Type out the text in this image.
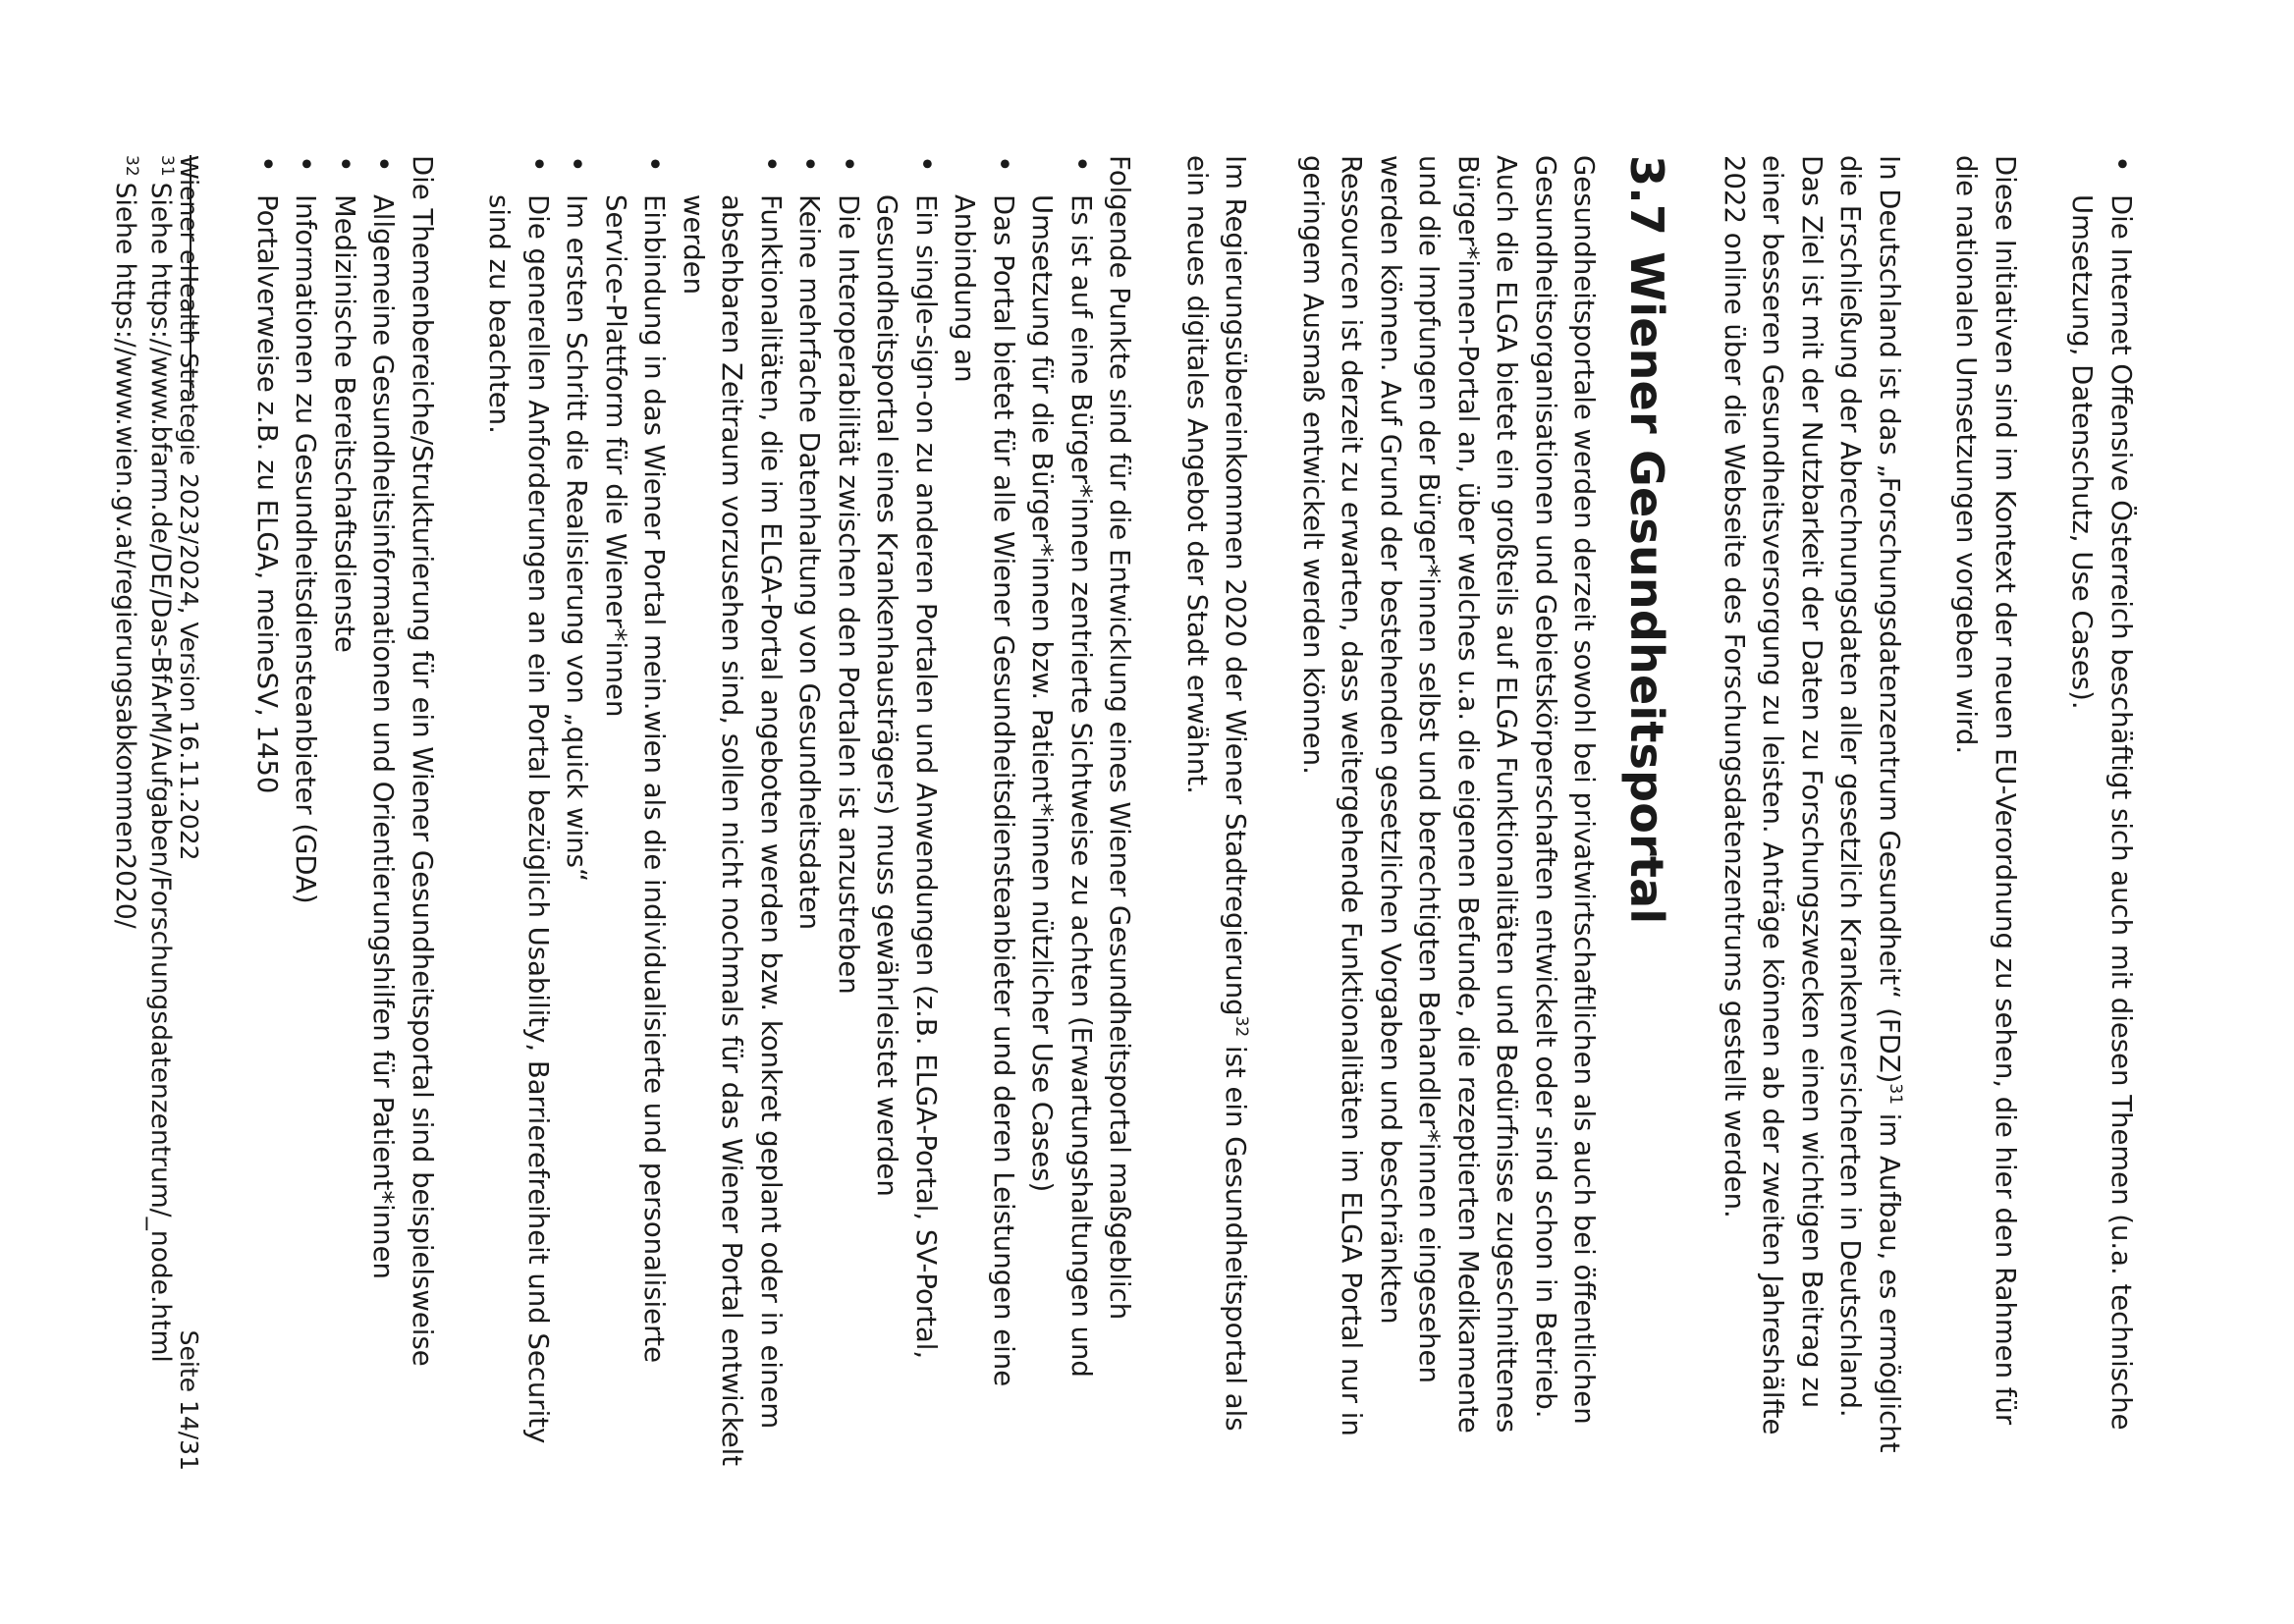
• Die Internet Offensive Österreich beschäftigt sich auch mit diesen Themen (u.a. technische Umsetzung, Datenschutz, Use Cases).

Diese Initiativen sind im Kontext der neuen EU-Verordnung zu sehen, die hier den Rahmen für die nationalen Umsetzungen vorgeben wird.

In Deutschland ist das „Forschungsdatenzentrum Gesundheit“ (FDZ)$^{31}$ im Aufbau, es ermöglicht die Erschließung der Abrechnungsdaten aller gesetzlich Krankenversicherten in Deutschland. Das Ziel ist mit der Nutzbarkeit der Daten zu Forschungszwecken einen wichtigen Beitrag zu einer besseren Gesundheitsversorgung zu leisten. Anträge können ab der zweiten Jahreshälfte 2022 online über die Webseite des Forschungsdatenzentrums gestellt werden.

3.7 Wiener Gesundheitsportal

Gesundheitsportale werden derzeit sowohl bei privatwirtschaftlichen als auch bei öffentlichen Gesundheitsorganisationen und Gebietskörperschaften entwickelt oder sind schon in Betrieb. Auch die ELGA bietet ein großteils auf ELGA Funktionalitäten und Bedürfnisse zugeschnittenes Bürger*innen-Portal an, über welches u.a. die eigenen Befunde, die rezeptierten Medikamente und die Impfungen der Bürger*innen selbst und berechtigten Behandler*innen eingesehen werden können. Auf Grund der bestehenden gesetzlichen Vorgaben und beschränkten Ressourcen ist derzeit zu erwarten, dass weitergehende Funktionalitäten im ELGA Portal nur in geringem Ausmaß entwickelt werden können.

Im Regierungsübereinkommen 2020 der Wiener Stadtregierung$^{32}$ ist ein Gesundheitsportal als ein neues digitales Angebot der Stadt erwähnt.

Folgende Punkte sind für die Entwicklung eines Wiener Gesundheitsportal maßgeblich

• Es ist auf eine Bürger*innen zentrierte Sichtweise zu achten (Erwartungshaltungen und Umsetzung für die Bürger*innen bzw. Patient*innen nützlicher Use Cases)
• Das Portal bietet für alle Wiener Gesundheitsdiensteanbieter und deren Leistungen eine Anbindung an
• Ein single-sign-on zu anderen Portalen und Anwendungen (z.B. ELGA-Portal, SV-Portal, Gesundheitsportal eines Krankenhausträgers) muss gewährleistet werden
• Die Interoperabilität zwischen den Portalen ist anzustreben
• Keine mehrfache Datenhaltung von Gesundheitsdaten
• Funktionalitäten, die im ELGA-Portal angeboten werden bzw. konkret geplant oder in einem absehbaren Zeitraum vorzusehen sind, sollen nicht nochmals für das Wiener Portal entwickelt werden
• Einbindung in das Wiener Portal mein.wien als die individualisierte und personalisierte Service-Plattform für die Wiener*innen
• Im ersten Schritt die Realisierung von „quick wins“
• Die generellen Anforderungen an ein Portal bezüglich Usability, Barrierefreiheit und Security sind zu beachten.

Die Themenbereiche/Strukturierung für ein Wiener Gesundheitsportal sind beispielsweise

• Allgemeine Gesundheitsinformationen und Orientierungshilfen für Patient*innen
• Medizinische Bereitschaftsdienste
• Informationen zu Gesundheitsdiensteanbieter (GDA)
• Portalverweise z.B. zu ELGA, meineSV, 1450

$^{31}$Siehe https://www.bfarm.de/DE/Das-BfArM/Aufgaben/Forschungsdatenzentrum/_node.html

$^{32}$Siehe https://www.wien.gv.at/regierungsabkommen2020/ Wiener eHealth Strategie 2023/2024, Version 16.11.2022
Seite 14/31
